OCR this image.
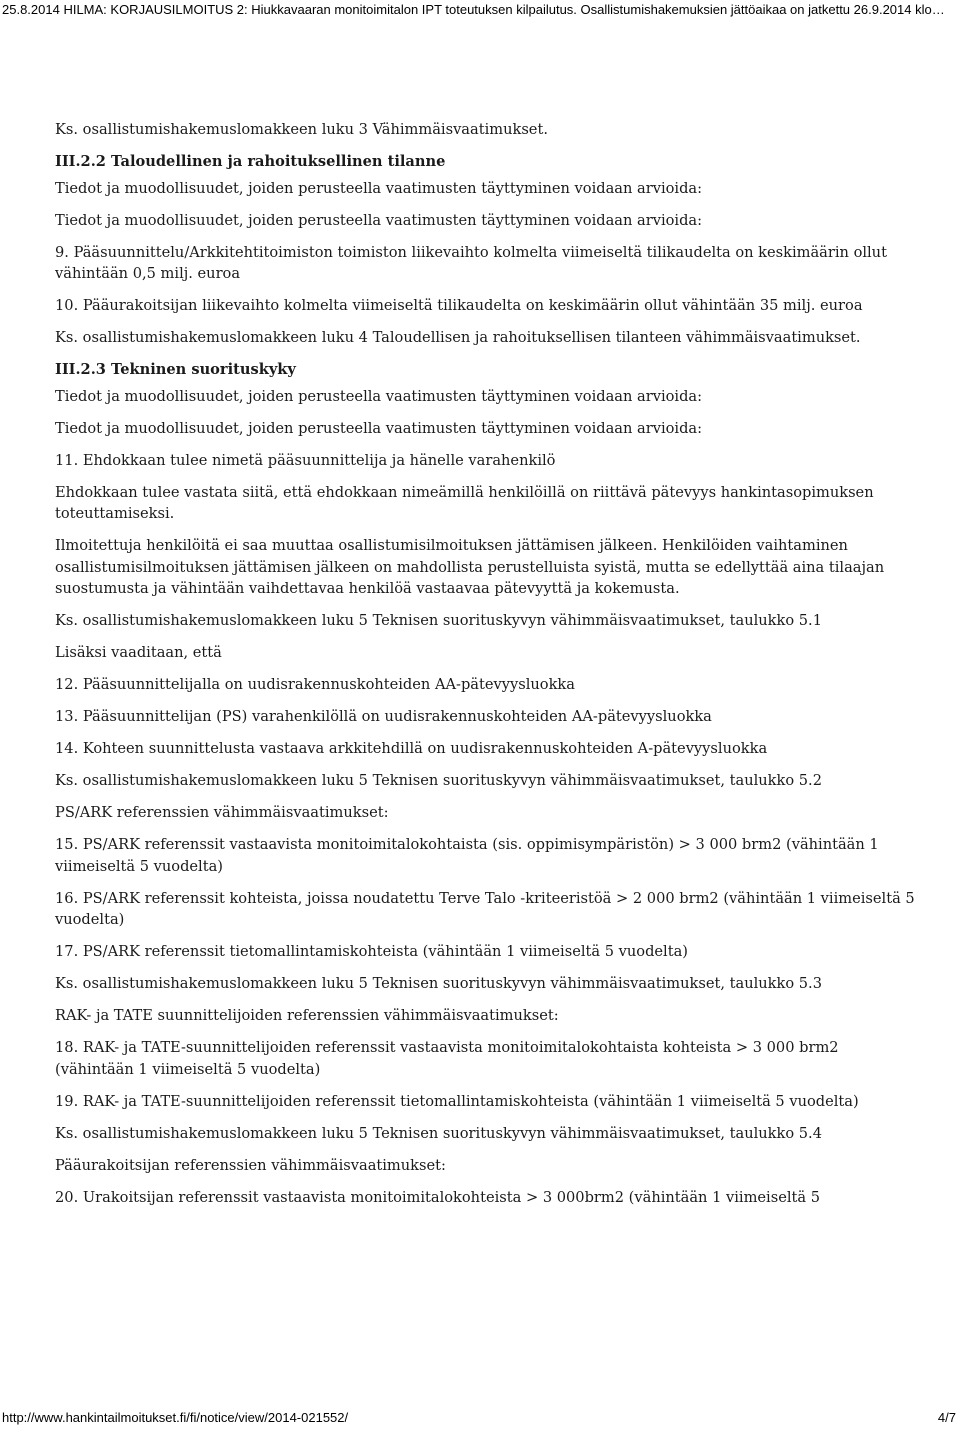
25.8.2014 HILMA: KORJAUSILMOITUS 2: Hiukkavaaran monitoimitalon IPT toteutuksen kilpailutus. Osallistumishakemuksien jättöaikaa on jatkettu 26.9.2014 klo…

Ks. osallistumishakemuslomakkeen luku 3 Vähimmäisvaatimukset.

III.2.2 Taloudellinen ja rahoituksellinen tilanne

Tiedot ja muodollisuudet, joiden perusteella vaatimusten täyttyminen voidaan arvioida:

Tiedot ja muodollisuudet, joiden perusteella vaatimusten täyttyminen voidaan arvioida:

9. Pääsuunnittelu/Arkkitehtitoimiston toimiston liikevaihto kolmelta viimeiseltä tilikaudelta on keskimäärin ollut vähintään 0,5 milj. euroa

10. Pääurakoitsijan liikevaihto kolmelta viimeiseltä tilikaudelta on keskimäärin ollut vähintään 35 milj. euroa

Ks. osallistumishakemuslomakkeen luku 4 Taloudellisen ja rahoituksellisen tilanteen vähimmäisvaatimukset.

III.2.3 Tekninen suorituskyky

Tiedot ja muodollisuudet, joiden perusteella vaatimusten täyttyminen voidaan arvioida:

Tiedot ja muodollisuudet, joiden perusteella vaatimusten täyttyminen voidaan arvioida:

11. Ehdokkaan tulee nimetä pääsuunnittelija ja hänelle varahenkilö

Ehdokkaan tulee vastata siitä, että ehdokkaan nimeämillä henkilöillä on riittävä pätevyys hankintasopimuksen toteuttamiseksi.

Ilmoitettuja henkilöitä ei saa muuttaa osallistumisilmoituksen jättämisen jälkeen. Henkilöiden vaihtaminen osallistumisilmoituksen jättämisen jälkeen on mahdollista perustelluista syistä, mutta se edellyttää aina tilaajan suostumusta ja vähintään vaihdettavaa henkilöä vastaavaa pätevyyttä ja kokemusta.

Ks. osallistumishakemuslomakkeen luku 5 Teknisen suorituskyvyn vähimmäisvaatimukset, taulukko 5.1

Lisäksi vaaditaan, että

12. Pääsuunnittelijalla on uudisrakennuskohteiden AA-pätevyysluokka

13. Pääsuunnittelijan (PS) varahenkilöllä on uudisrakennuskohteiden AA-pätevyysluokka

14. Kohteen suunnittelusta vastaava arkkitehdillä on uudisrakennuskohteiden A-pätevyysluokka

Ks. osallistumishakemuslomakkeen luku 5 Teknisen suorituskyvyn vähimmäisvaatimukset, taulukko 5.2

PS/ARK referenssien vähimmäisvaatimukset:

15. PS/ARK referenssit vastaavista monitoimitalokohtaista (sis. oppimisympäristön) > 3 000 brm2 (vähintään 1 viimeiseltä 5 vuodelta)

16. PS/ARK referenssit kohteista, joissa noudatettu Terve Talo -kriteeristöä > 2 000 brm2 (vähintään 1 viimeiseltä 5 vuodelta)

17. PS/ARK referenssit tietomallintamiskohteista (vähintään 1 viimeiseltä 5 vuodelta)

Ks. osallistumishakemuslomakkeen luku 5 Teknisen suorituskyvyn vähimmäisvaatimukset, taulukko 5.3

RAK- ja TATE suunnittelijoiden referenssien vähimmäisvaatimukset:

18. RAK- ja TATE-suunnittelijoiden referenssit vastaavista monitoimitalokohtaista kohteista > 3 000 brm2 (vähintään 1 viimeiseltä 5 vuodelta)

19. RAK- ja TATE-suunnittelijoiden referenssit tietomallintamiskohteista (vähintään 1 viimeiseltä 5 vuodelta)

Ks. osallistumishakemuslomakkeen luku 5 Teknisen suorituskyvyn vähimmäisvaatimukset, taulukko 5.4

Pääurakoitsijan referenssien vähimmäisvaatimukset:

20. Urakoitsijan referenssit vastaavista monitoimitalokohteista > 3 000brm2 (vähintään 1 viimeiseltä 5

http://www.hankintailmoitukset.fi/fi/notice/view/2014-021552/	4/7
